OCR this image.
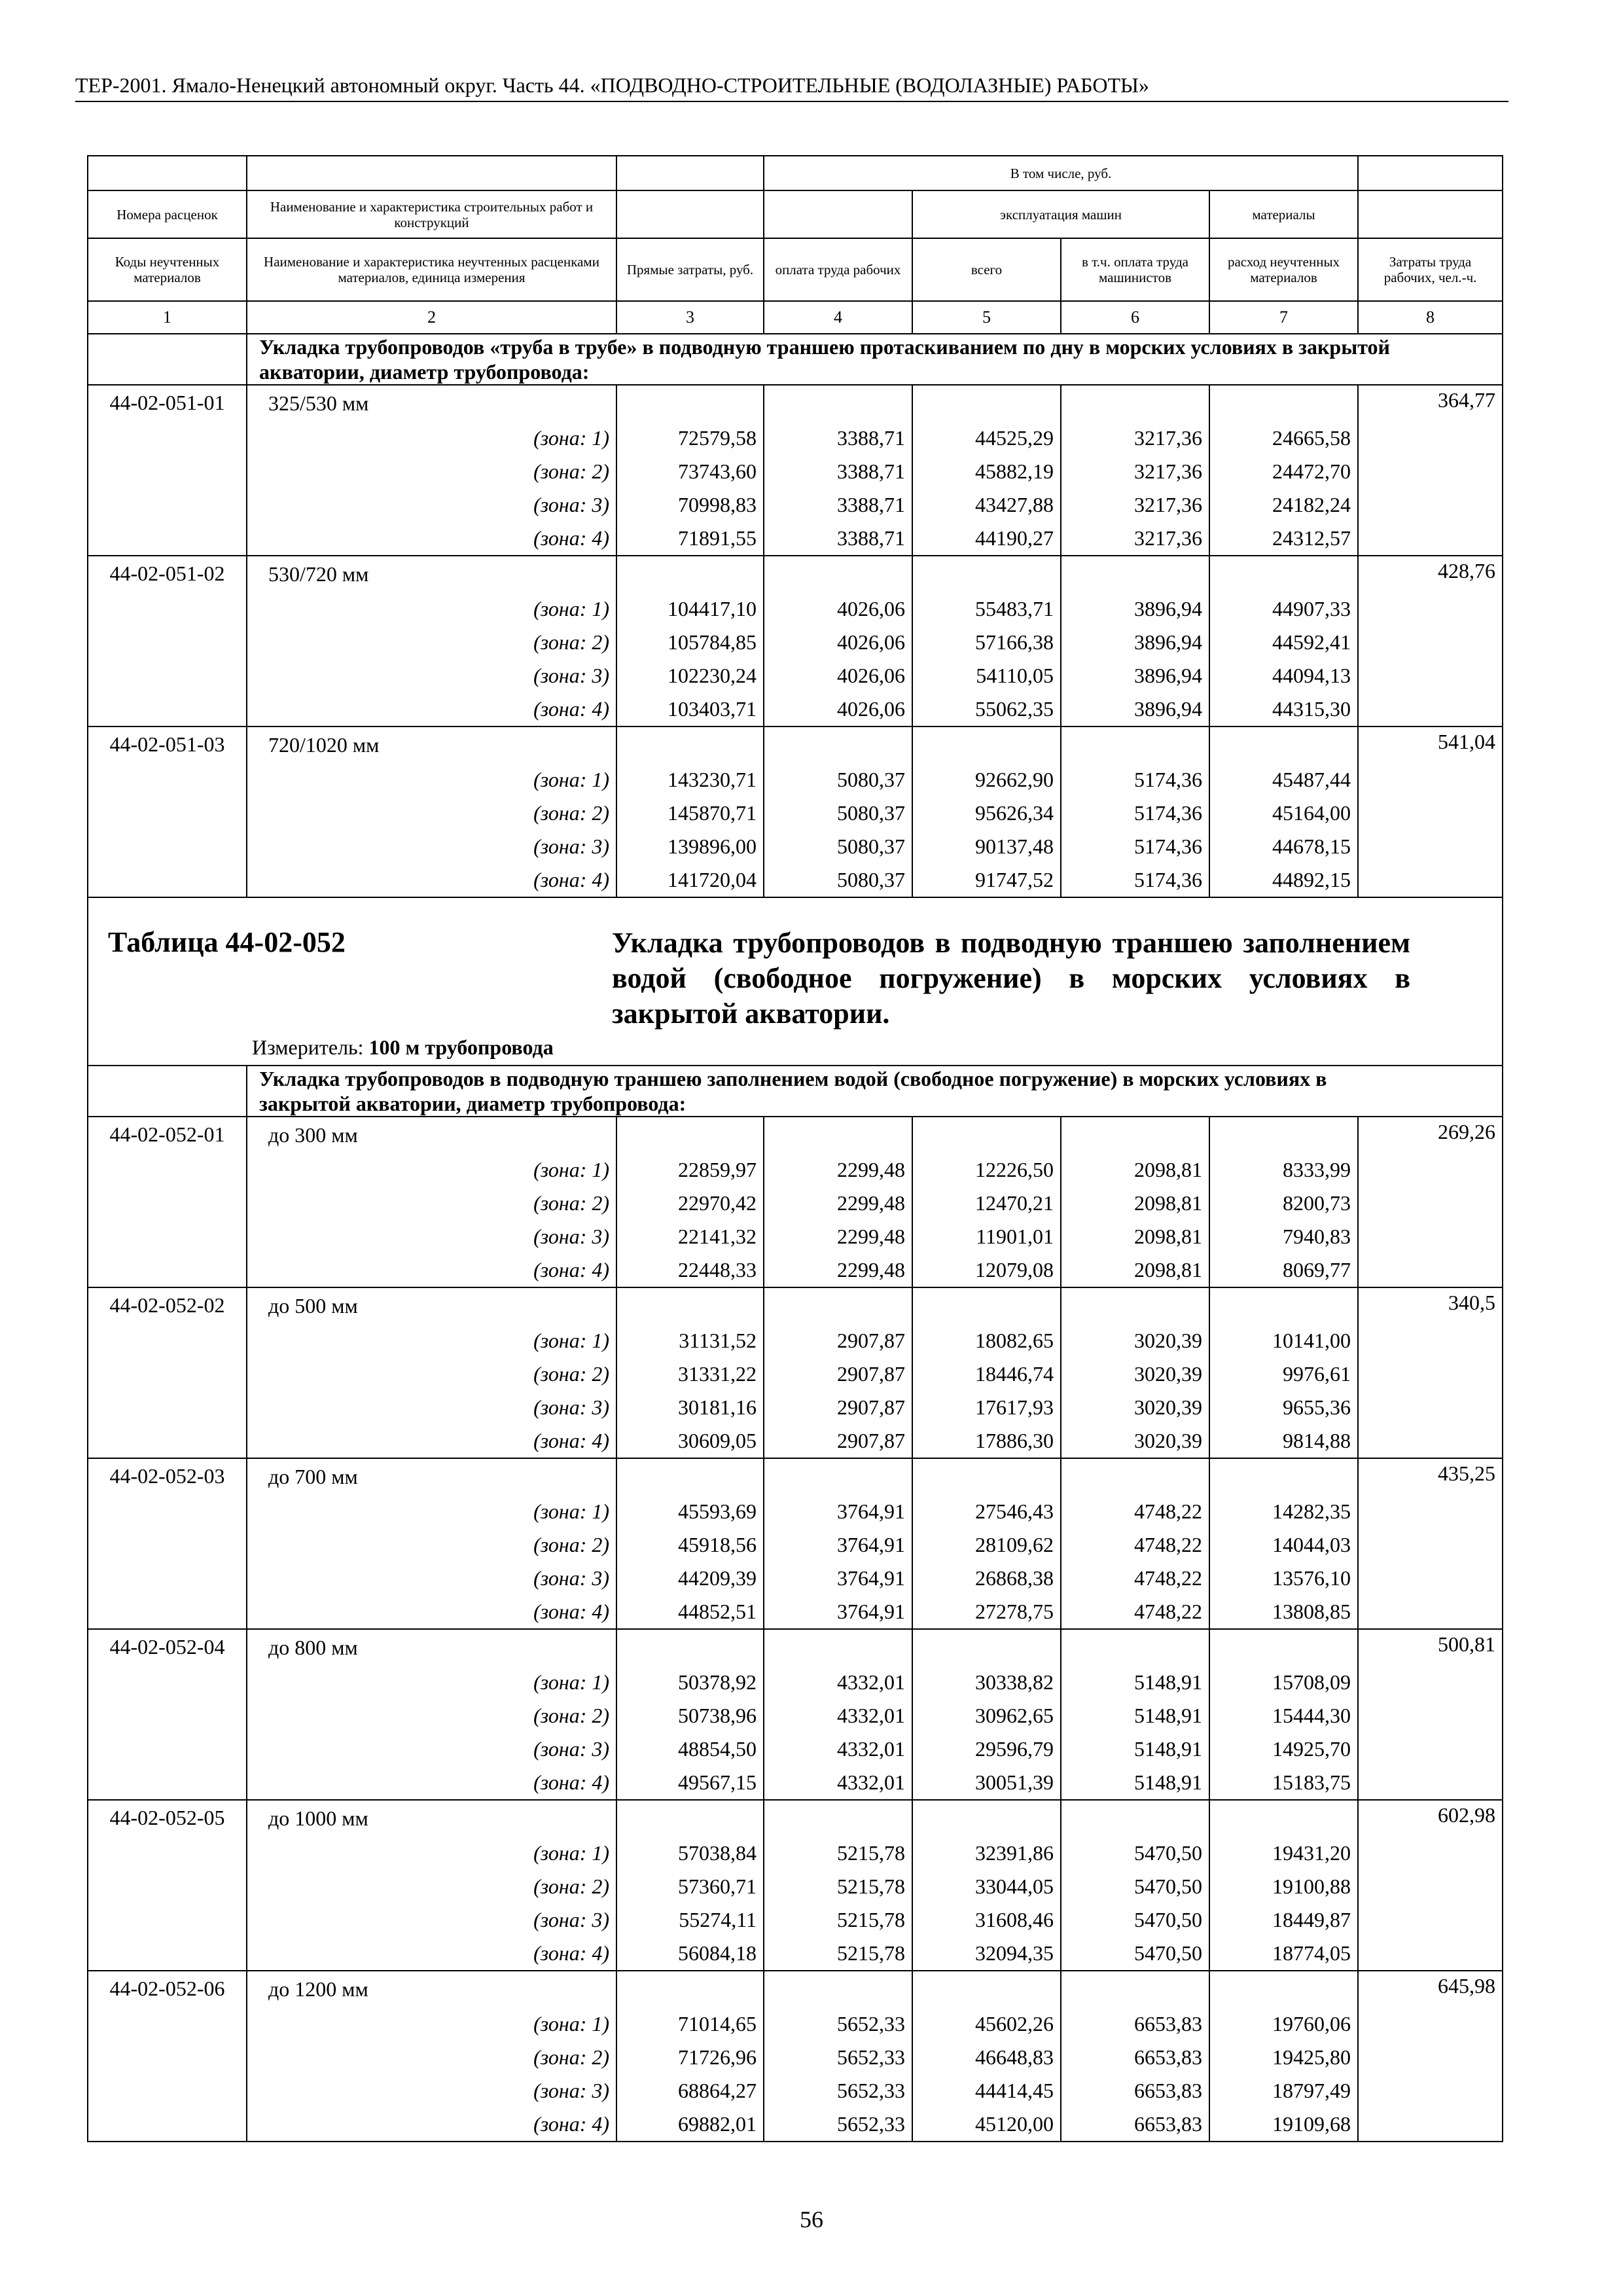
ТЕР-2001. Ямало-Ненецкий автономный округ. Часть 44. «ПОДВОДНО-СТРОИТЕЛЬНЫЕ (ВОДОЛАЗНЫЕ) РАБОТЫ»
			В том числе, руб.				
Номера расценок	Наименование и характеристика строительных работ и конструкций			эксплуатация машин		материалы	
Коды неучтенных материалов	Наименование и характеристика неучтенных расценками материалов, единица измерения	Прямые затраты, руб.	оплата труда рабочих	всего	в т.ч. оплата труда машинистов	расход неучтенных материалов	Затраты труда рабочих, чел.-ч.
1	2	3	4	5	6	7	8
	Укладка трубопроводов «труба в трубе» в подводную траншею протаскиванием по дну в морских условиях в закрытой акватории, диаметр трубопровода:						
44-02-051-01	325/530 мм						364,77
	(зона: 1)	72579,58	3388,71	44525,29	3217,36	24665,58	
	(зона: 2)	73743,60	3388,71	45882,19	3217,36	24472,70	
	(зона: 3)	70998,83	3388,71	43427,88	3217,36	24182,24	
	(зона: 4)	71891,55	3388,71	44190,27	3217,36	24312,57	
44-02-051-02	530/720 мм						428,76
	(зона: 1)	104417,10	4026,06	55483,71	3896,94	44907,33	
	(зона: 2)	105784,85	4026,06	57166,38	3896,94	44592,41	
	(зона: 3)	102230,24	4026,06	54110,05	3896,94	44094,13	
	(зона: 4)	103403,71	4026,06	55062,35	3896,94	44315,30	
44-02-051-03	720/1020 мм						541,04
	(зона: 1)	143230,71	5080,37	92662,90	5174,36	45487,44	
	(зона: 2)	145870,71	5080,37	95626,34	5174,36	45164,00	
	(зона: 3)	139896,00	5080,37	90137,48	5174,36	44678,15	
	(зона: 4)	141720,04	5080,37	91747,52	5174,36	44892,15	

Таблица 44-02-052 Укладка трубопроводов в подводную траншею заполнением водой (свободное погружение) в морских условиях в закрытой акватории.
Измеритель: 100 м трубопровода							

	Укладка трубопроводов в подводную траншею заполнением водой (свободное погружение) в морских условиях в закрытой акватории, диаметр трубопровода:						
44-02-052-01	до 300 мм						269,26
	(зона: 1)	22859,97	2299,48	12226,50	2098,81	8333,99	
	(зона: 2)	22970,42	2299,48	12470,21	2098,81	8200,73	
	(зона: 3)	22141,32	2299,48	11901,01	2098,81	7940,83	
	(зона: 4)	22448,33	2299,48	12079,08	2098,81	8069,77	
44-02-052-02	до 500 мм						340,5
	(зона: 1)	31131,52	2907,87	18082,65	3020,39	10141,00	
	(зона: 2)	31331,22	2907,87	18446,74	3020,39	9976,61	
	(зона: 3)	30181,16	2907,87	17617,93	3020,39	9655,36	
	(зона: 4)	30609,05	2907,87	17886,30	3020,39	9814,88	
44-02-052-03	до 700 мм						435,25
	(зона: 1)	45593,69	3764,91	27546,43	4748,22	14282,35	
	(зона: 2)	45918,56	3764,91	28109,62	4748,22	14044,03	
	(зона: 3)	44209,39	3764,91	26868,38	4748,22	13576,10	
	(зона: 4)	44852,51	3764,91	27278,75	4748,22	13808,85	
44-02-052-04	до 800 мм						500,81
	(зона: 1)	50378,92	4332,01	30338,82	5148,91	15708,09	
	(зона: 2)	50738,96	4332,01	30962,65	5148,91	15444,30	
	(зона: 3)	48854,50	4332,01	29596,79	5148,91	14925,70	
	(зона: 4)	49567,15	4332,01	30051,39	5148,91	15183,75	
44-02-052-05	до 1000 мм						602,98
	(зона: 1)	57038,84	5215,78	32391,86	5470,50	19431,20	
	(зона: 2)	57360,71	5215,78	33044,05	5470,50	19100,88	
	(зона: 3)	55274,11	5215,78	31608,46	5470,50	18449,87	
	(зона: 4)	56084,18	5215,78	32094,35	5470,50	18774,05	
44-02-052-06	до 1200 мм						645,98
	(зона: 1)	71014,65	5652,33	45602,26	6653,83	19760,06	
	(зона: 2)	71726,96	5652,33	46648,83	6653,83	19425,80	
	(зона: 3)	68864,27	5652,33	44414,45	6653,83	18797,49	
	(зона: 4)	69882,01	5652,33	45120,00	6653,83	19109,68	
56
